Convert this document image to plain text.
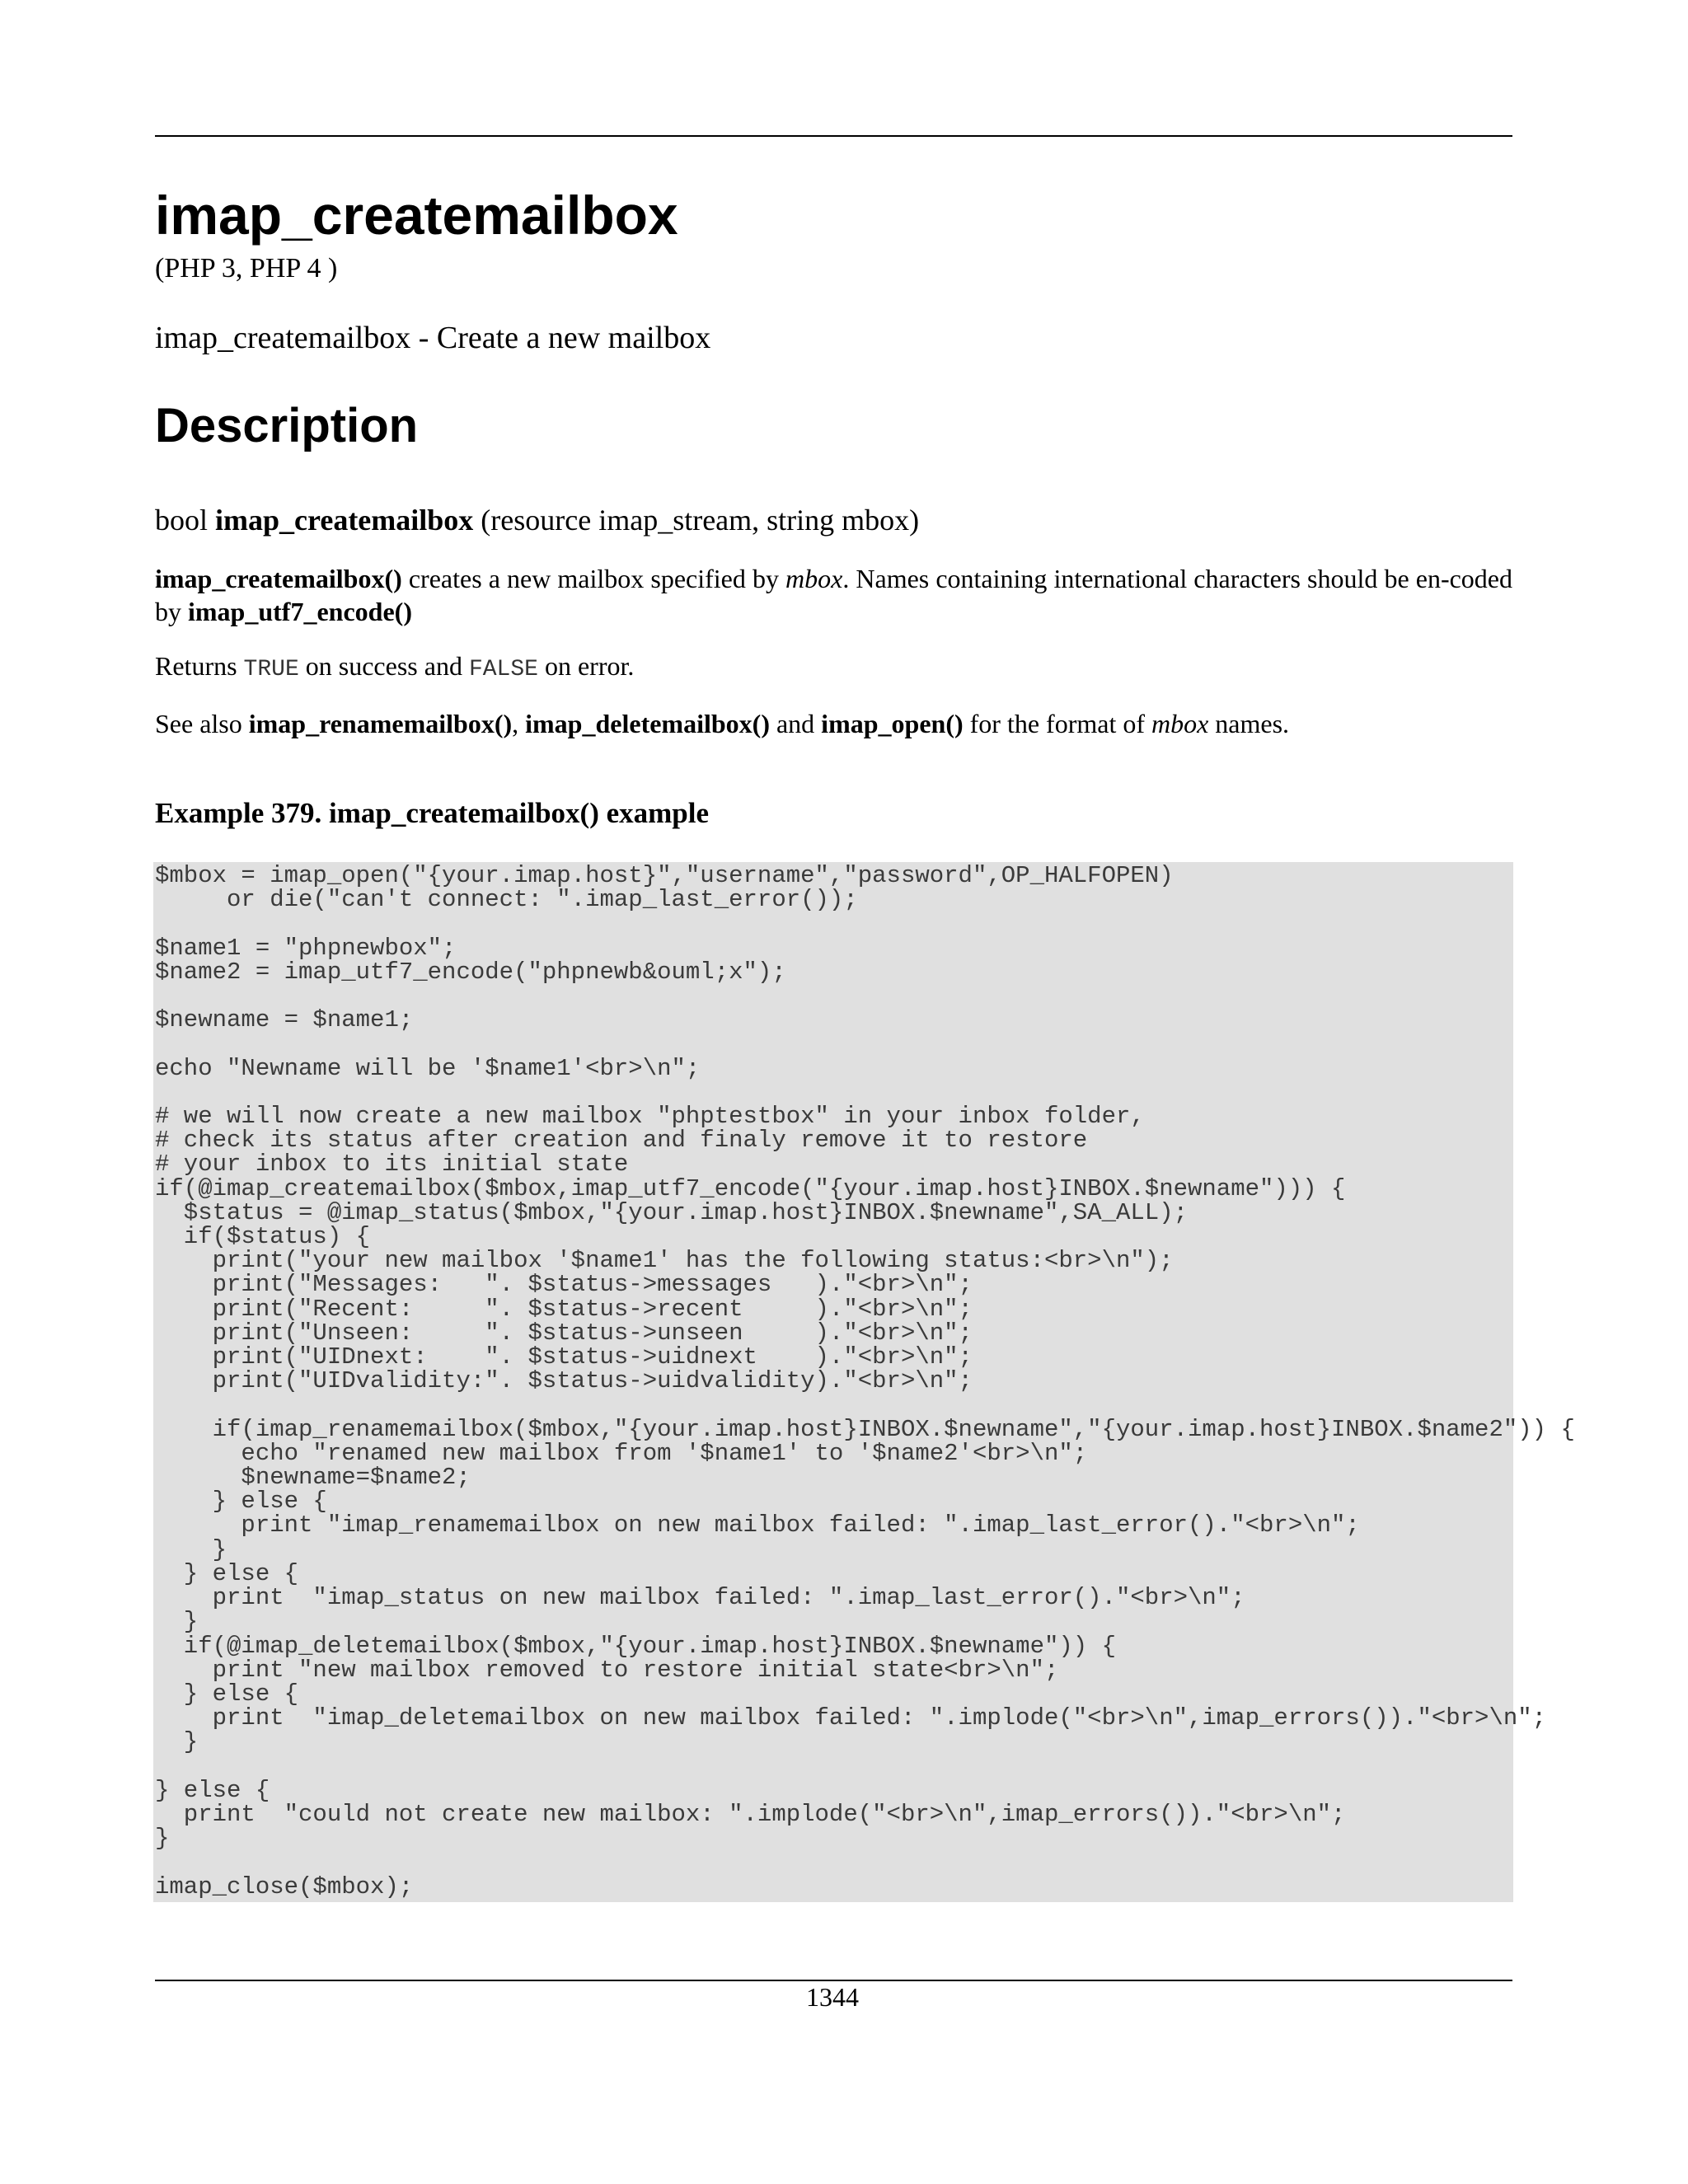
imap_createmailbox
(PHP 3, PHP 4 )
imap_createmailbox - Create a new mailbox
Description
bool imap_createmailbox (resource imap_stream, string mbox)
imap_createmailbox() creates a new mailbox specified by mbox. Names containing international characters should be en-coded by imap_utf7_encode()
Returns TRUE on success and FALSE on error.
See also imap_renamemailbox(), imap_deletemailbox() and imap_open() for the format of mbox names.
Example 379. imap_createmailbox() example
$mbox = imap_open("{your.imap.host}","username","password",OP_HALFOPEN)
or die("can't connect: ".imap_last_error());

$name1 = "phpnewbox";
$name2 = imap_utf7_encode("phpnewb&ouml;x");

$newname = $name1;

echo "Newname will be '$name1'<br>\n";

# we will now create a new mailbox "phptestbox" in your inbox folder,
# check its status after creation and finaly remove it to restore
# your inbox to its initial state
if(@imap_createmailbox($mbox,imap_utf7_encode("{your.imap.host}INBOX.$newname"))) {
$status = @imap_status($mbox,"{your.imap.host}INBOX.$newname",SA_ALL);
if($status) {
print("your new mailbox '$name1' has the following status:<br>\n");
print("Messages:   ". $status->messages   )."<br>\n";
print("Recent:     ". $status->recent     )."<br>\n";
print("Unseen:     ". $status->unseen     )."<br>\n";
print("UIDnext:    ". $status->uidnext    )."<br>\n";
print("UIDvalidity:". $status->uidvalidity)."<br>\n";

if(imap_renamemailbox($mbox,"{your.imap.host}INBOX.$newname","{your.imap.host}INBOX.$name2")) {
echo "renamed new mailbox from '$name1' to '$name2'<br>\n";
$newname=$name2;
} else {
print "imap_renamemailbox on new mailbox failed: ".imap_last_error()."<br>\n";
}
} else {
print  "imap_status on new mailbox failed: ".imap_last_error()."<br>\n";
}
if(@imap_deletemailbox($mbox,"{your.imap.host}INBOX.$newname")) {
print "new mailbox removed to restore initial state<br>\n";
} else {
print  "imap_deletemailbox on new mailbox failed: ".implode("<br>\n",imap_errors())."<br>\n";
}

} else {
print  "could not create new mailbox: ".implode("<br>\n",imap_errors())."<br>\n";
}

imap_close($mbox);
1344
